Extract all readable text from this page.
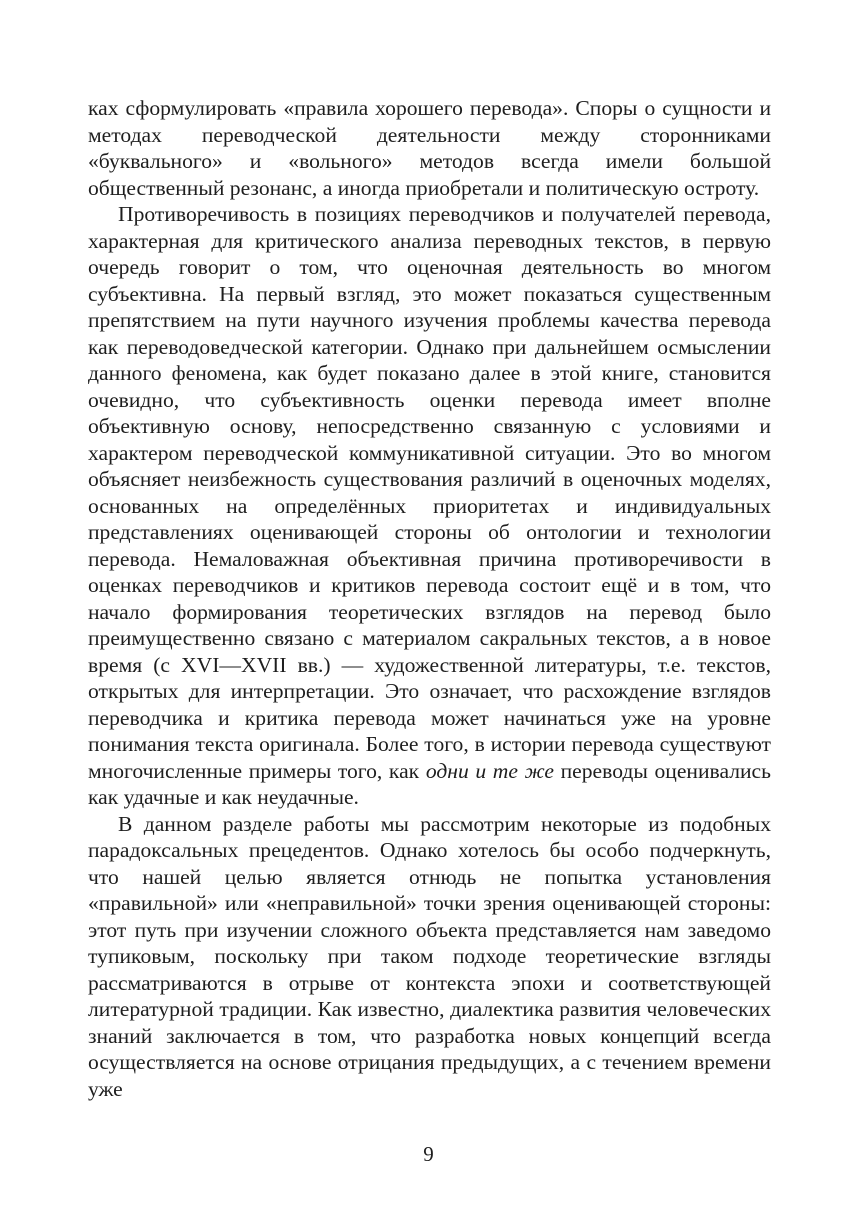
ках сформулировать «правила хорошего перевода». Споры о сущности и методах переводческой деятельности между сторонниками «буквального» и «вольного» методов всегда имели большой общественный резонанс, а иногда приобретали и политическую остроту.

Противоречивость в позициях переводчиков и получателей перевода, характерная для критического анализа переводных текстов, в первую очередь говорит о том, что оценочная деятельность во многом субъективна. На первый взгляд, это может показаться существенным препятствием на пути научного изучения проблемы качества перевода как переводоведческой категории. Однако при дальнейшем осмыслении данного феномена, как будет показано далее в этой книге, становится очевидно, что субъективность оценки перевода имеет вполне объективную основу, непосредственно связанную с условиями и характером переводческой коммуникативной ситуации. Это во многом объясняет неизбежность существования различий в оценочных моделях, основанных на определённых приоритетах и индивидуальных представлениях оценивающей стороны об онтологии и технологии перевода. Немаловажная объективная причина противоречивости в оценках переводчиков и критиков перевода состоит ещё и в том, что начало формирования теоретических взглядов на перевод было преимущественно связано с материалом сакральных текстов, а в новое время (с XVI—XVII вв.) — художественной литературы, т.е. текстов, открытых для интерпретации. Это означает, что расхождение взглядов переводчика и критика перевода может начинаться уже на уровне понимания текста оригинала. Более того, в истории перевода существуют многочисленные примеры того, как одни и те же переводы оценивались как удачные и как неудачные.

В данном разделе работы мы рассмотрим некоторые из подобных парадоксальных прецедентов. Однако хотелось бы особо подчеркнуть, что нашей целью является отнюдь не попытка установления «правильной» или «неправильной» точки зрения оценивающей стороны: этот путь при изучении сложного объекта представляется нам заведомо тупиковым, поскольку при таком подходе теоретические взгляды рассматриваются в отрыве от контекста эпохи и соответствующей литературной традиции. Как известно, диалектика развития человеческих знаний заключается в том, что разработка новых концепций всегда осуществляется на основе отрицания предыдущих, а с течением времени уже

9
